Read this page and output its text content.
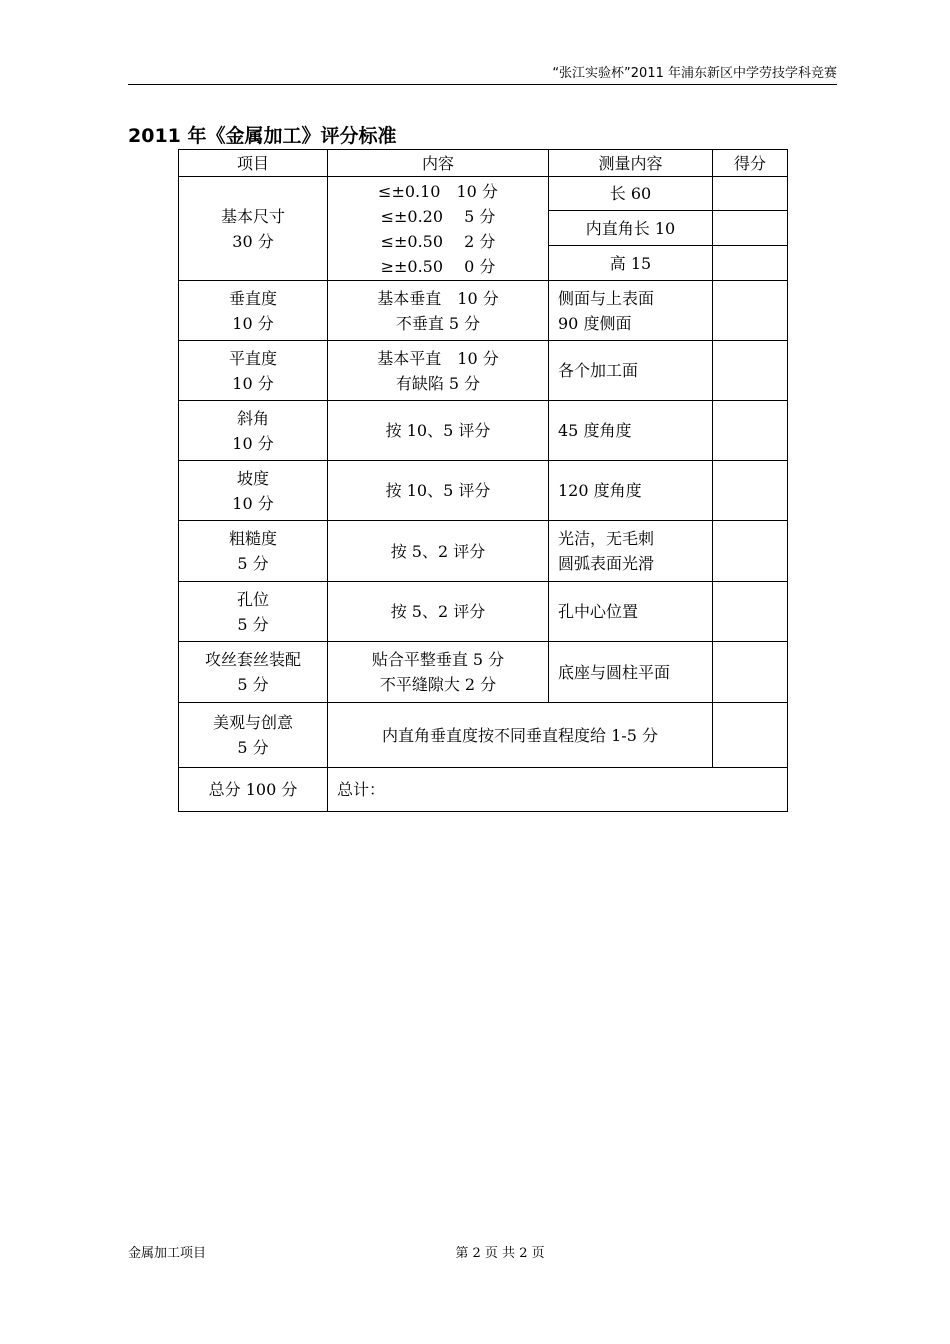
“张江实验杯”2011 年浦东新区中学劳技学科竞赛
2011 年《金属加工》评分标准
项目	内容	测量内容	得分

基本尺寸
30 分	≤±0.10　10 分
≤±0.20　 5 分
≤±0.50　 2 分
≥±0.50　 0 分	长 60	
		内直角长 10	
		高 15	

垂直度
10 分	基本垂直　10 分
不垂直 5 分	侧面与上表面
90 度侧面	

平直度
10 分	基本平直　10 分
有缺陷 5 分	各个加工面	

斜角
10 分	按 10、5 评分	45 度角度	

坡度
10 分	按 10、5 评分	120 度角度	

粗糙度
5 分	按 5、2 评分	光洁，无毛刺
圆弧表面光滑	

孔位
5 分	按 5、2 评分	孔中心位置	

攻丝套丝装配
5 分	贴合平整垂直 5 分
不平缝隙大 2 分	底座与圆柱平面	

美观与创意
5 分	内直角垂直度按不同垂直程度给 1-5 分		
总分 100 分	总计：		
金属加工项目	第 2 页 共 2 页
